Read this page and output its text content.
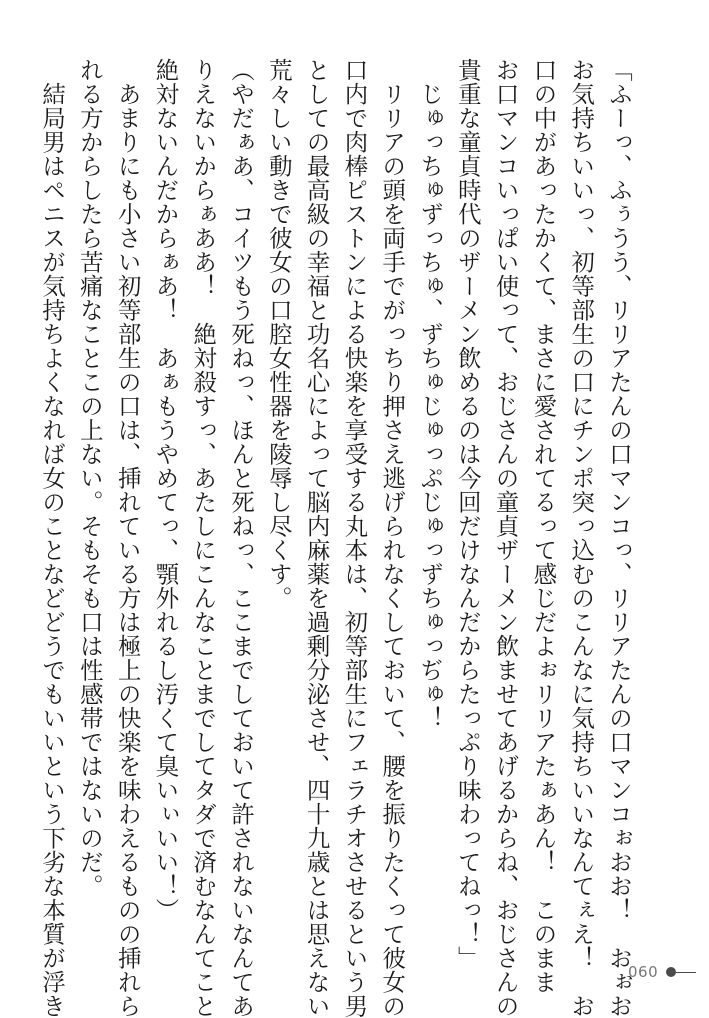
「ふーっ、ふぅうう、リリアたんの口マンコっ、リリアたんの口マンコぉおお！　おぉお
お気持ちいいっ、初等部生の口にチンポ突っ込むのこんなに気持ちいいなんてぇえ！　お
口の中があったかくて、まさに愛されてるって感じだよぉリリアたぁあん！　このまま
お口マンコいっぱい使って、おじさんの童貞ザーメン飲ませてあげるからね、おじさんの
貴重な童貞時代のザーメン飲めるのは今回だけなんだからたっぷり味わってねっ！」
　じゅっちゅずっちゅ、ずちゅじゅっぷじゅっずちゅっぢゅ！
　リリアの頭を両手でがっちり押さえ逃げられなくしておいて、腰を振りたくって彼女の
口内で肉棒ピストンによる快楽を享受する丸本は、初等部生にフェラチオさせるという男
としての最高級の幸福と功名心によって脳内麻薬を過剰分泌させ、四十九歳とは思えない
荒々しい動きで彼女の口腔女性器を陵辱し尽くす。
（やだぁあ、コイツもう死ねっ、ほんと死ねっ、ここまでしておいて許されないなんてあ
りえないからぁああ！　絶対殺すっ、あたしにこんなことまでしてタダで済むなんてこと
絶対ないんだからぁあ！　あぁもうやめてっ、顎外れるし汚くて臭いぃいい！）
　あまりにも小さい初等部生の口は、挿れている方は極上の快楽を味わえるものの挿れら
れる方からしたら苦痛なことこの上ない。そもそも口は性感帯ではないのだ。
　結局男はペニスが気持ちよくなれば女のことなどどうでもいいという下劣な本質が浮き	060
